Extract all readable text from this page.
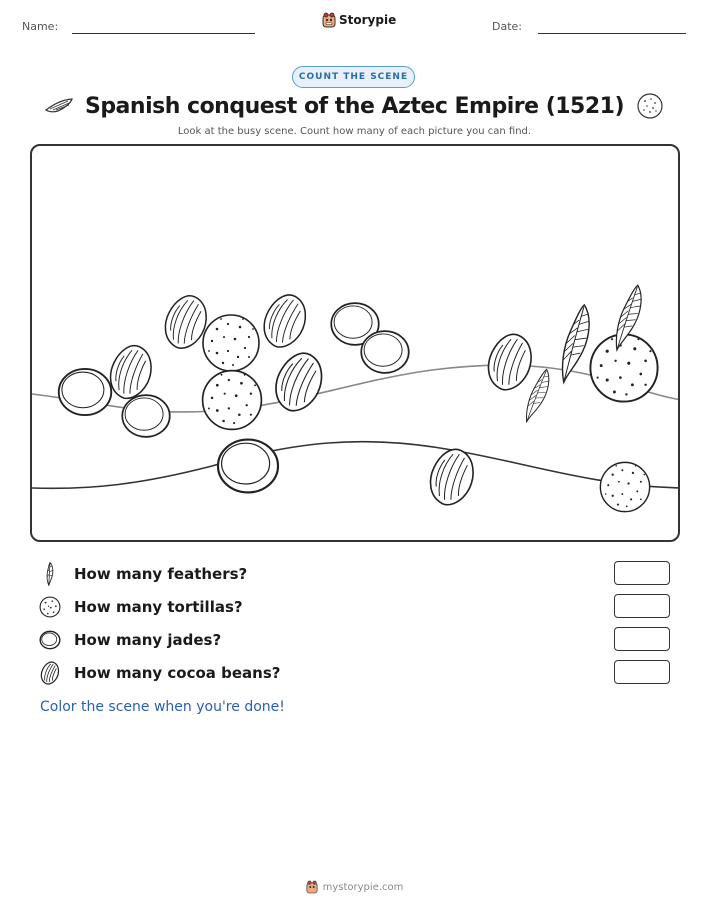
Name:	Storypie	Date:
COUNT THE SCENE
Spanish conquest of the Aztec Empire (1521)
Look at the busy scene. Count how many of each picture you can find.
How many feathers?
How many tortillas?
How many jades?
How many cocoa beans?
Color the scene when you're done!
mystorypie.com
